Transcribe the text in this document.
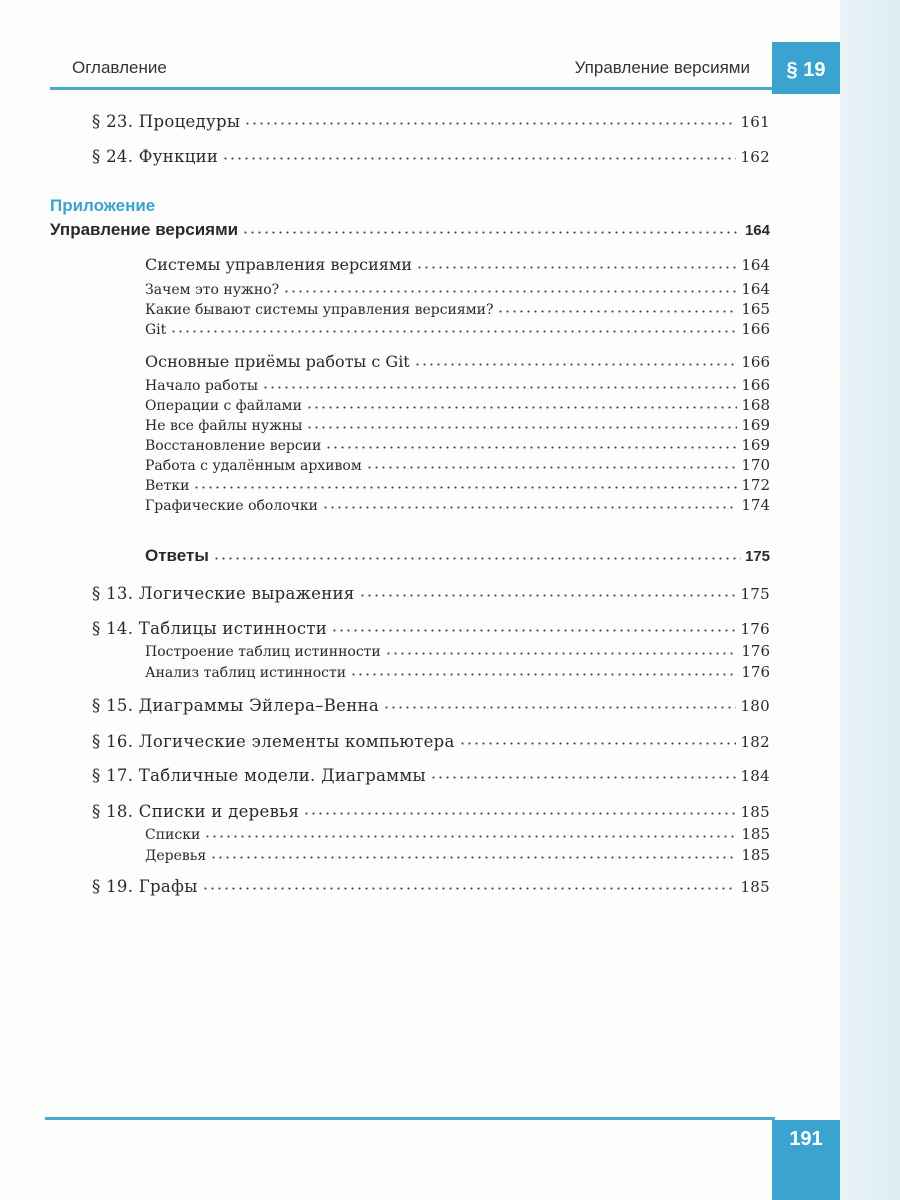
Оглавление	Управление версиями	§ 19
Приложение
§ 23. Процедуры	161
§ 24. Функции	162
Управление версиями	164
Системы управления версиями	164
Зачем это нужно?	164
Какие бывают системы управления версиями?	165
Git	166
Основные приёмы работы с Git	166
Начало работы	166
Операции с файлами	168
Не все файлы нужны	169
Восстановление версии	169
Работа с удалённым архивом	170
Ветки	172
Графические оболочки	174
Ответы	175
§ 13. Логические выражения	175
§ 14. Таблицы истинности	176
Построение таблиц истинности	176
Анализ таблиц истинности	176
§ 15. Диаграммы Эйлера–Венна	180
§ 16. Логические элементы компьютера	182
§ 17. Табличные модели. Диаграммы	184
§ 18. Списки и деревья	185
Списки	185
Деревья	185
§ 19. Графы	185
191
